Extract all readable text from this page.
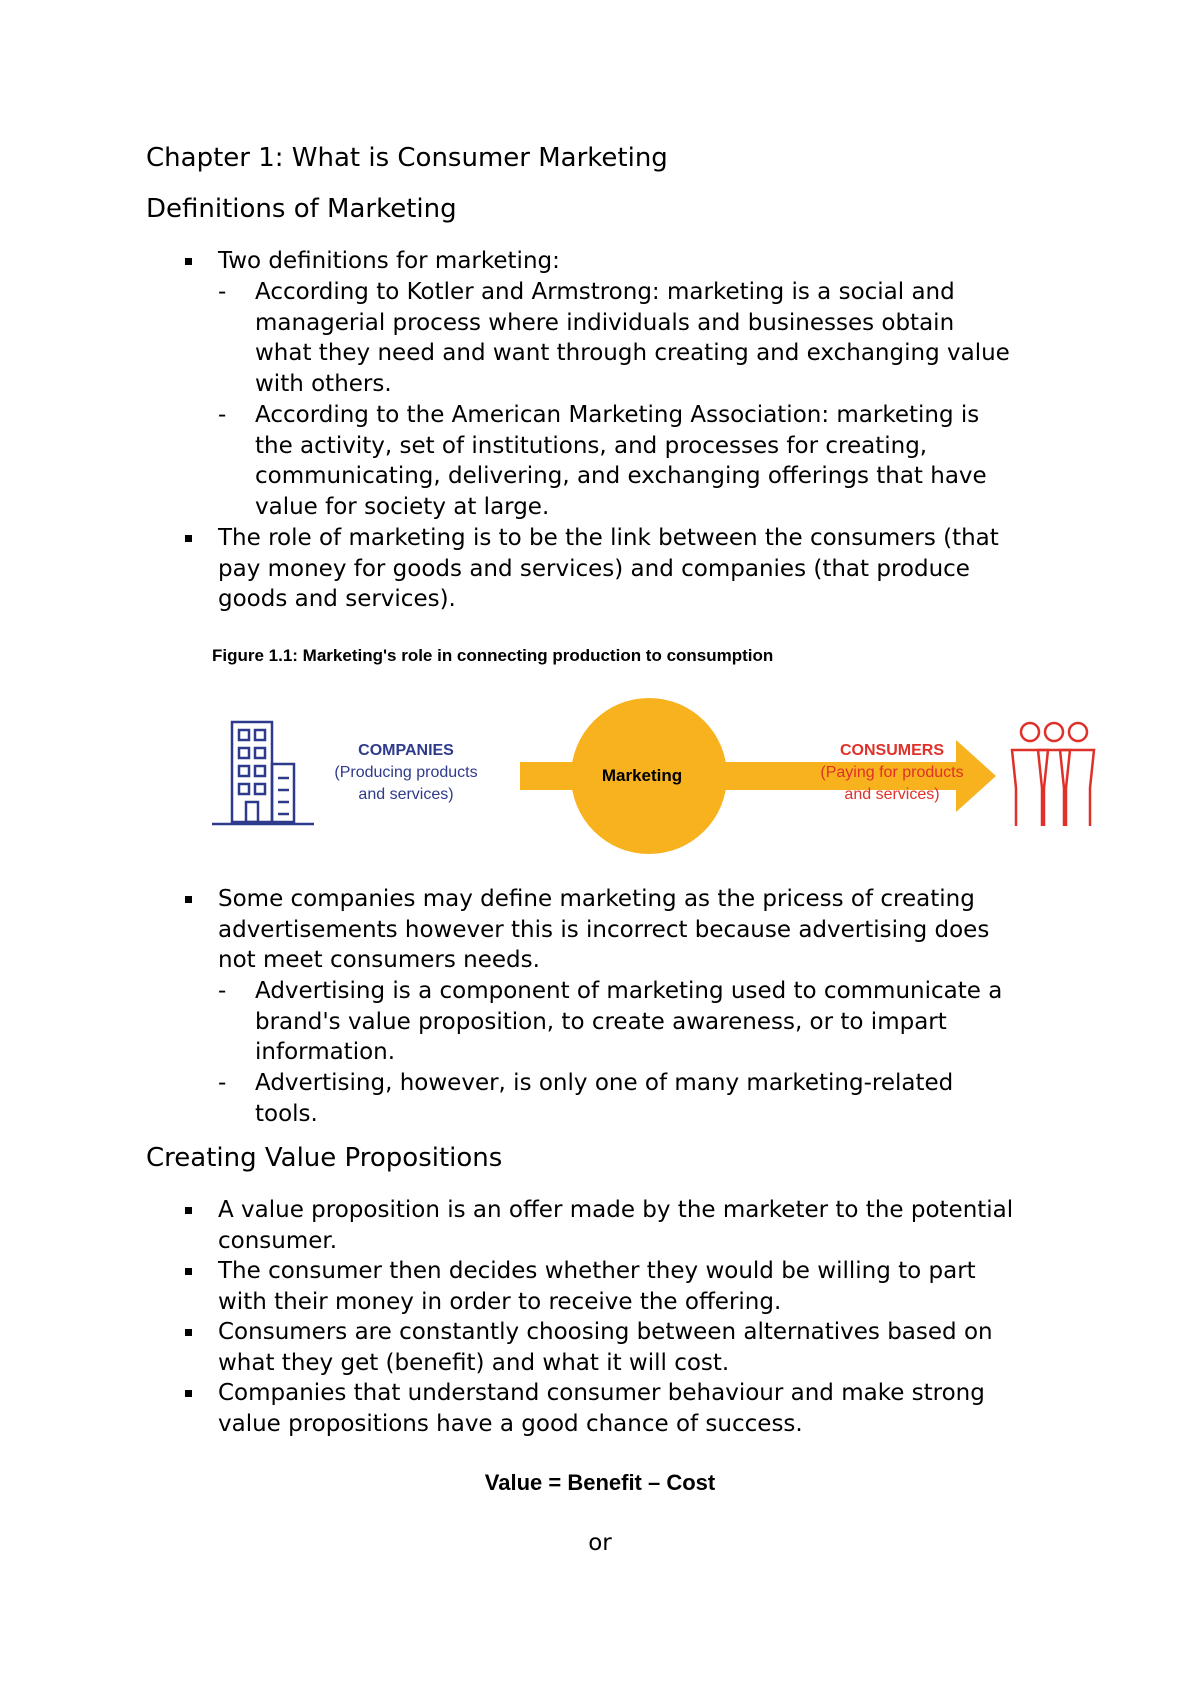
Chapter 1: What is Consumer Marketing
Definitions of Marketing
Two definitions for marketing:
- According to Kotler and Armstrong: marketing is a social and
managerial process where individuals and businesses obtain
what they need and want through creating and exchanging value
with others.
- According to the American Marketing Association: marketing is
the activity, set of institutions, and processes for creating,
communicating, delivering, and exchanging offerings that have
value for society at large.
The role of marketing is to be the link between the consumers (that
pay money for goods and services) and companies (that produce
goods and services).
Figure 1.1: Marketing's role in connecting production to consumption
COMPANIES
(Producing products
and services)
Marketing
CONSUMERS
(Paying for products
and services)
Some companies may define marketing as the pricess of creating
advertisements however this is incorrect because advertising does
not meet consumers needs.
- Advertising is a component of marketing used to communicate a
brand's value proposition, to create awareness, or to impart
information.
- Advertising, however, is only one of many marketing-related
tools.
Creating Value Propositions
A value proposition is an offer made by the marketer to the potential
consumer.
The consumer then decides whether they would be willing to part
with their money in order to receive the offering.
Consumers are constantly choosing between alternatives based on
what they get (benefit) and what it will cost.
Companies that understand consumer behaviour and make strong
value propositions have a good chance of success.
Value = Benefit – Cost
or
